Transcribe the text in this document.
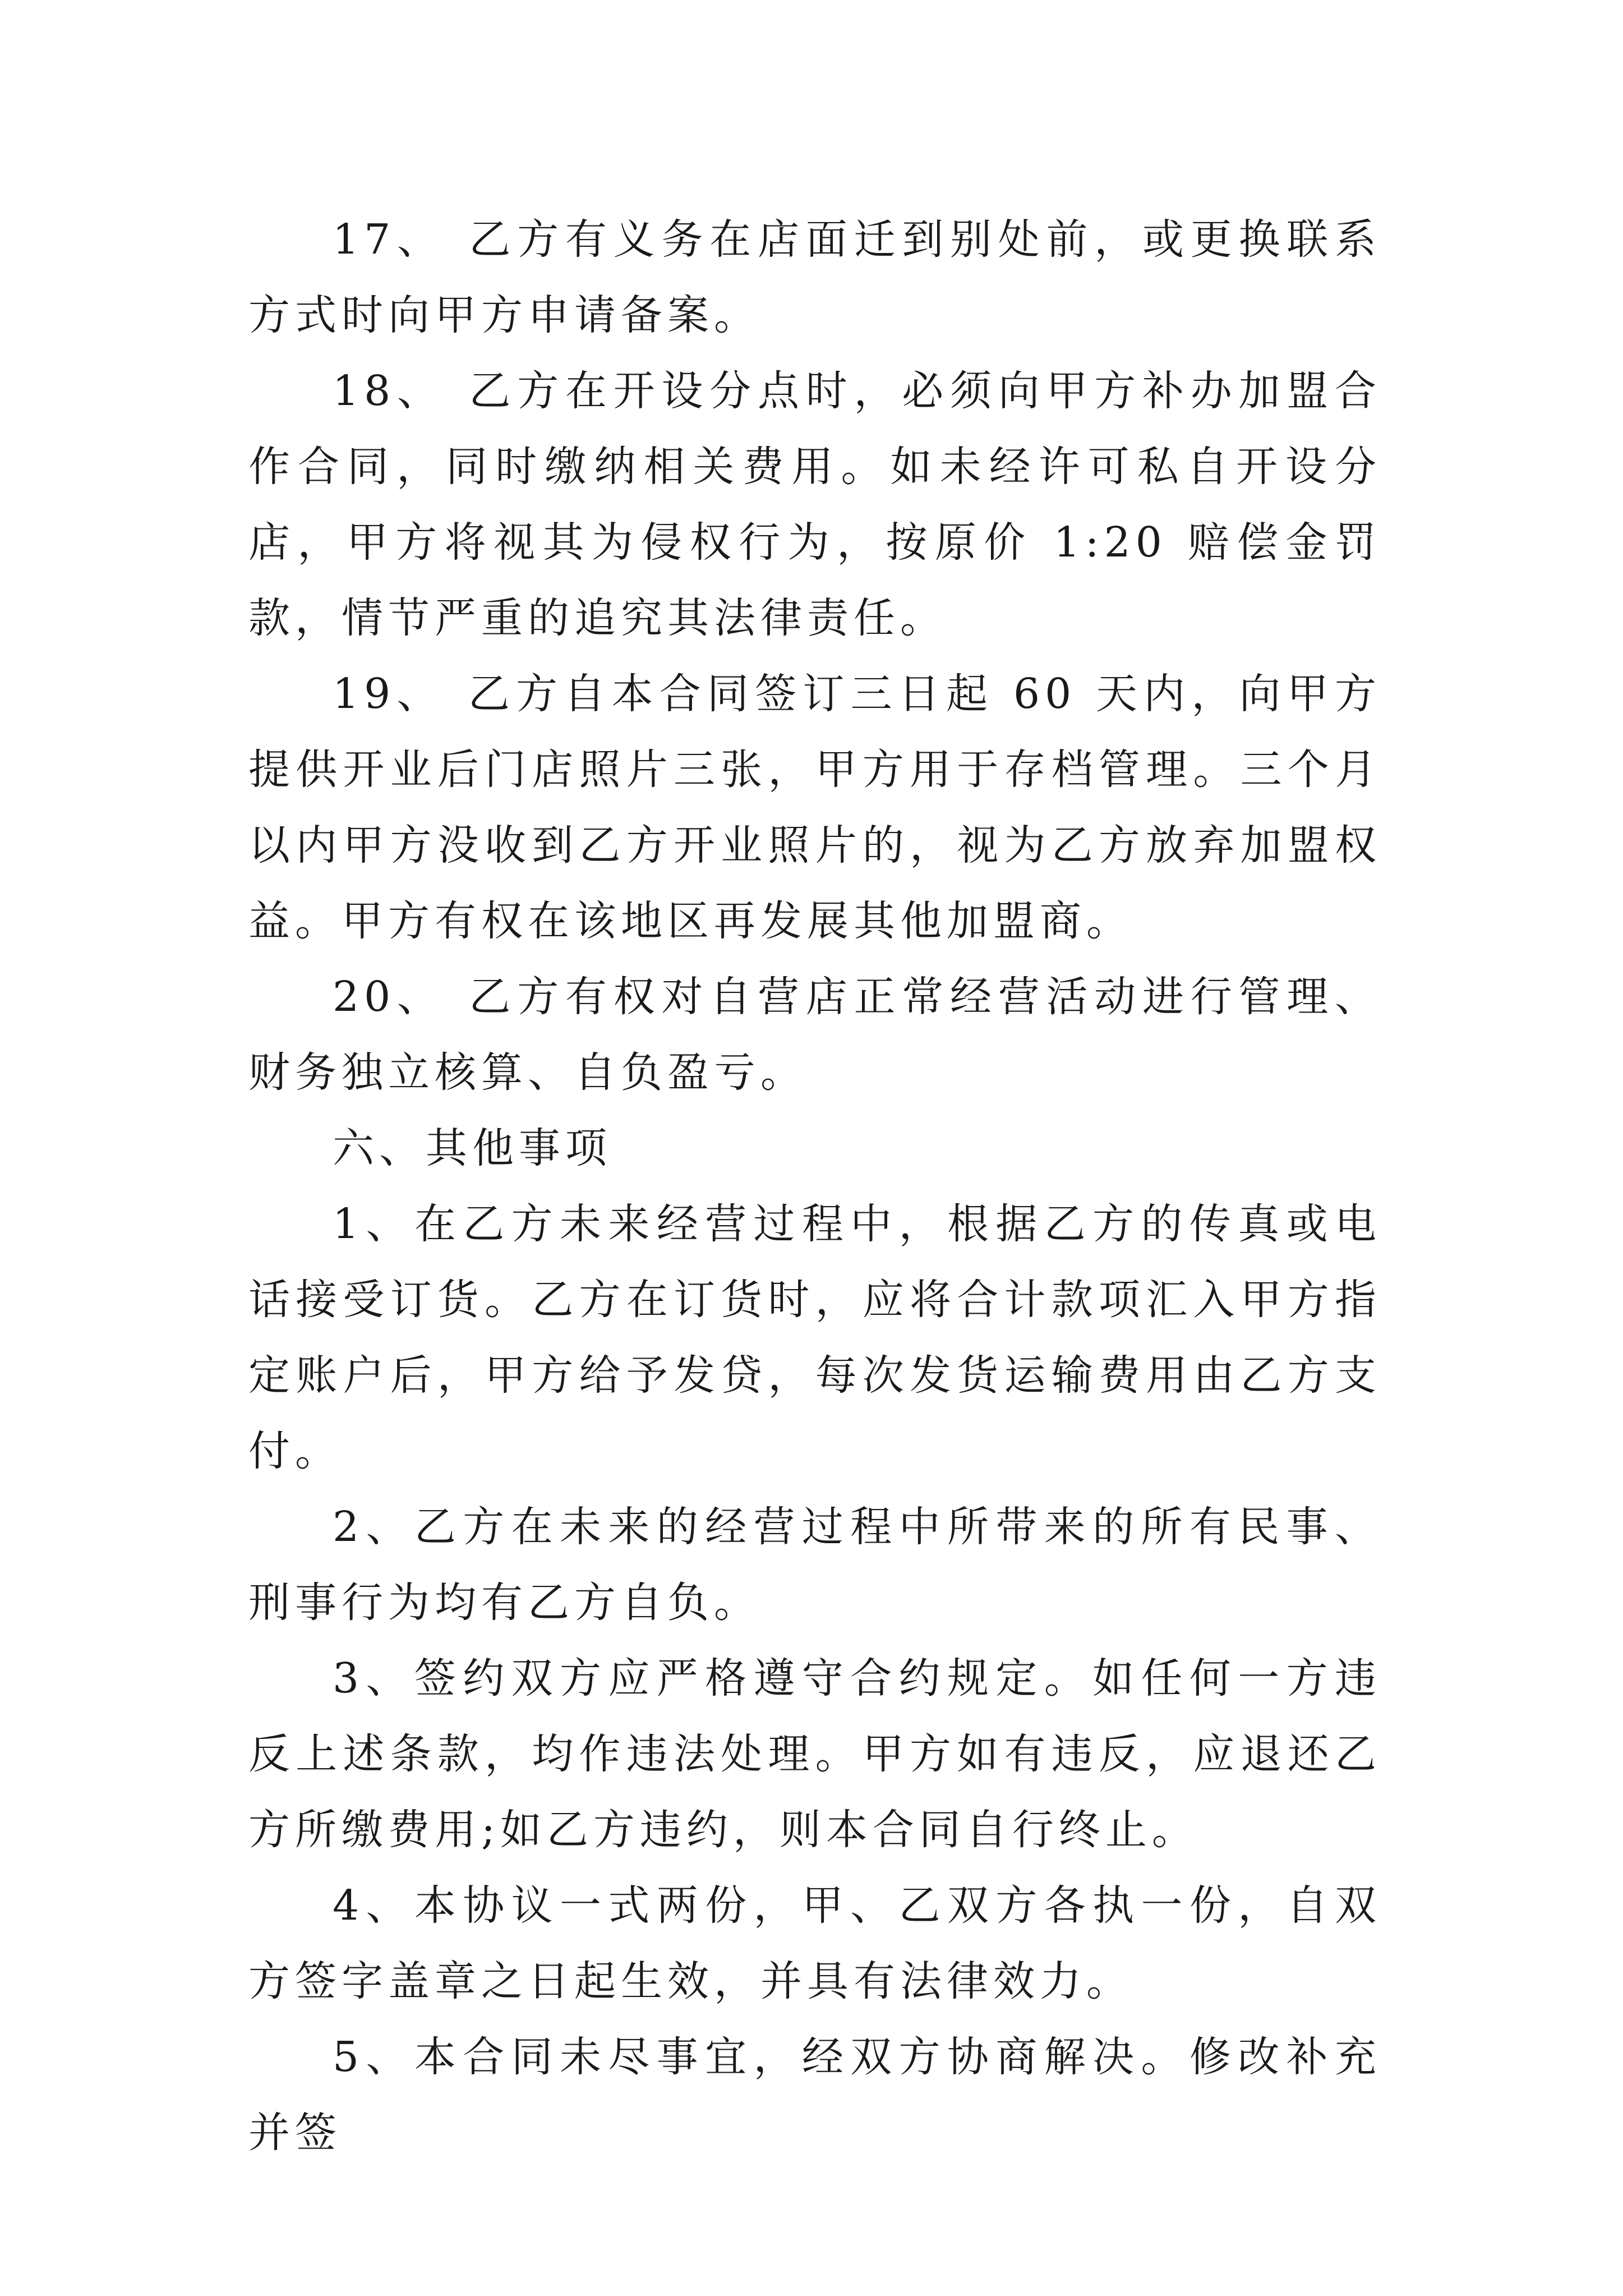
17、 乙方有义务在店面迁到别处前，或更换联系方式时向甲方申请备案。

18、 乙方在开设分点时，必须向甲方补办加盟合作合同，同时缴纳相关费用。如未经许可私自开设分店，甲方将视其为侵权行为，按原价 1:20 赔偿金罚款，情节严重的追究其法律责任。

19、 乙方自本合同签订三日起 60 天内，向甲方提供开业后门店照片三张，甲方用于存档管理。三个月以内甲方没收到乙方开业照片的，视为乙方放弃加盟权益。甲方有权在该地区再发展其他加盟商。

20、 乙方有权对自营店正常经营活动进行管理、财务独立核算、自负盈亏。

六、其他事项

1、在乙方未来经营过程中，根据乙方的传真或电话接受订货。乙方在订货时，应将合计款项汇入甲方指定账户后，甲方给予发贷，每次发货运输费用由乙方支付。

2、乙方在未来的经营过程中所带来的所有民事、刑事行为均有乙方自负。

3、签约双方应严格遵守合约规定。如任何一方违反上述条款，均作违法处理。甲方如有违反，应退还乙方所缴费用;如乙方违约，则本合同自行终止。

4、本协议一式两份，甲、乙双方各执一份，自双方签字盖章之日起生效，并具有法律效力。

5、本合同未尽事宜，经双方协商解决。修改补充并签
